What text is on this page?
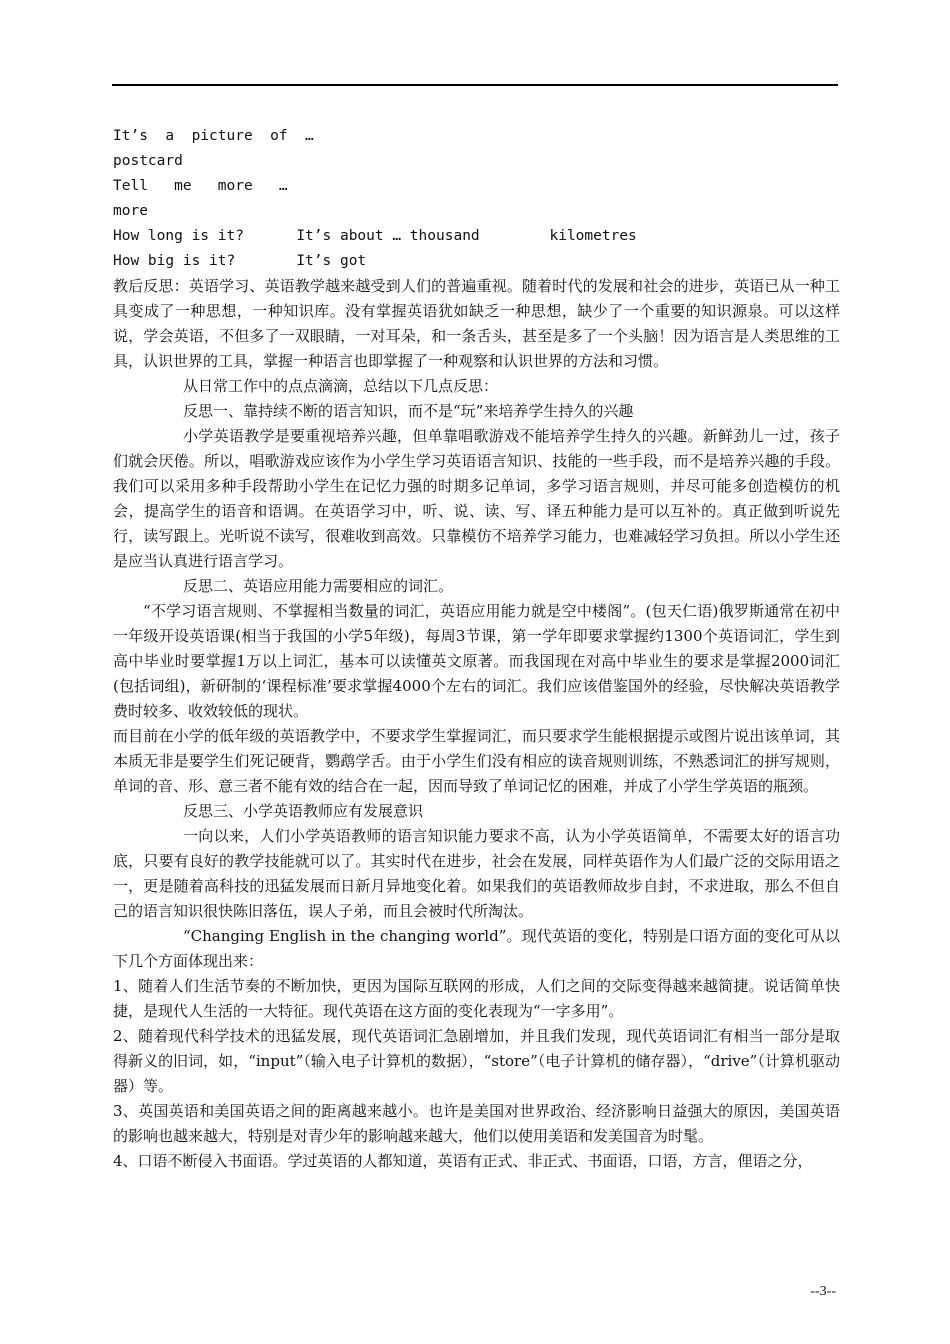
It’s  a  picture  of  …
postcard
Tell   me   more   …
more
How long is it?      It’s about … thousand        kilometres
How big is it?       It’s got

教后反思：英语学习、英语教学越来越受到人们的普遍重视。随着时代的发展和社会的进步，英语已从一种工具变成了一种思想，一种知识库。没有掌握英语犹如缺乏一种思想，缺少了一个重要的知识源泉。可以这样说，学会英语，不但多了一双眼睛，一对耳朵，和一条舌头，甚至是多了一个头脑！因为语言是人类思维的工具，认识世界的工具，掌握一种语言也即掌握了一种观察和认识世界的方法和习惯。

从日常工作中的点点滴滴，总结以下几点反思：

反思一、靠持续不断的语言知识，而不是“玩”来培养学生持久的兴趣

小学英语教学是要重视培养兴趣，但单靠唱歌游戏不能培养学生持久的兴趣。新鲜劲儿一过，孩子们就会厌倦。所以，唱歌游戏应该作为小学生学习英语语言知识、技能的一些手段，而不是培养兴趣的手段。我们可以采用多种手段帮助小学生在记忆力强的时期多记单词，多学习语言规则，并尽可能多创造模仿的机会，提高学生的语音和语调。在英语学习中，听、说、读、写、译五种能力是可以互补的。真正做到听说先行，读写跟上。光听说不读写，很难收到高效。只靠模仿不培养学习能力，也难减轻学习负担。所以小学生还是应当认真进行语言学习。

反思二、英语应用能力需要相应的词汇。

“不学习语言规则、不掌握相当数量的词汇，英语应用能力就是空中楼阁”。(包天仁语)俄罗斯通常在初中一年级开设英语课(相当于我国的小学5年级)，每周3节课，第一学年即要求掌握约1300个英语词汇，学生到高中毕业时要掌握1万以上词汇，基本可以读懂英文原著。而我国现在对高中毕业生的要求是掌握2000词汇(包括词组)，新研制的‘课程标准’要求掌握4000个左右的词汇。我们应该借鉴国外的经验，尽快解决英语教学费时较多、收效较低的现状。

而目前在小学的低年级的英语教学中，不要求学生掌握词汇，而只要求学生能根据提示或图片说出该单词，其本质无非是要学生们死记硬背，鹦鹉学舌。由于小学生们没有相应的读音规则训练，不熟悉词汇的拼写规则，单词的音、形、意三者不能有效的结合在一起，因而导致了单词记忆的困难，并成了小学生学英语的瓶颈。

反思三、小学英语教师应有发展意识

一向以来，人们小学英语教师的语言知识能力要求不高，认为小学英语简单，不需要太好的语言功底，只要有良好的教学技能就可以了。其实时代在进步，社会在发展，同样英语作为人们最广泛的交际用语之一，更是随着高科技的迅猛发展而日新月异地变化着。如果我们的英语教师故步自封，不求进取，那么不但自己的语言知识很快陈旧落伍，误人子弟，而且会被时代所淘汰。

“Changing English in the changing world”。现代英语的变化，特别是口语方面的变化可从以下几个方面体现出来：

1、随着人们生活节奏的不断加快，更因为国际互联网的形成，人们之间的交际变得越来越简捷。说话简单快捷，是现代人生活的一大特征。现代英语在这方面的变化表现为“一字多用”。

2、随着现代科学技术的迅猛发展，现代英语词汇急剧增加，并且我们发现，现代英语词汇有相当一部分是取得新义的旧词，如，“input”（输入电子计算机的数据），“store”（电子计算机的储存器），“drive”（计算机驱动器）等。

3、英国英语和美国英语之间的距离越来越小。也许是美国对世界政治、经济影响日益强大的原因，美国英语的影响也越来越大，特别是对青少年的影响越来越大，他们以使用美语和发美国音为时髦。

4、口语不断侵入书面语。学过英语的人都知道，英语有正式、非正式、书面语，口语，方言，俚语之分，

--3--
